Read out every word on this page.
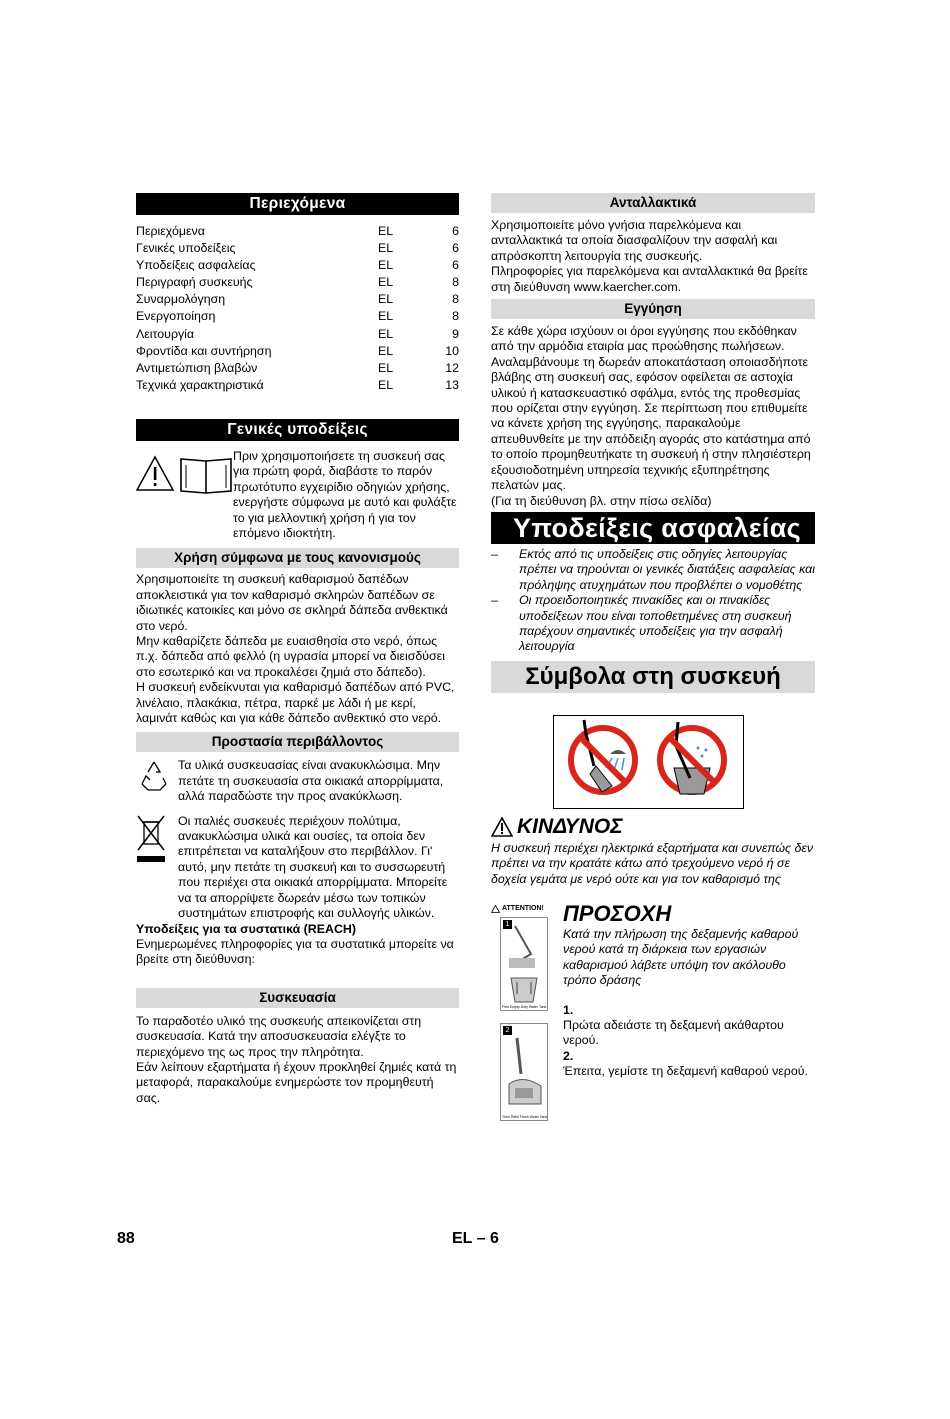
Περιεχόμενα
Περιεχόμενα	EL	6
Γενικές υποδείξεις	EL	6
Υποδείξεις ασφαλείας	EL	6
Περιγραφή συσκευής	EL	8
Συναρμολόγηση	EL	8
Ενεργοποίηση	EL	8
Λειτουργία	EL	9
Φροντίδα και συντήρηση	EL	10
Αντιμετώπιση βλαβών	EL	12
Τεχνικά χαρακτηριστικά	EL	13
Γενικές υποδείξεις

Πριν χρησιμοποιήσετε τη συσκευή σας για πρώτη φορά, διαβάστε το παρόν πρωτότυπο εγχειρίδιο οδηγιών χρήσης, ενεργήστε σύμφωνα με αυτό και φυλάξτε το για μελλοντική χρήση ή για τον επόμενο ιδιοκτήτη.

Χρήση σύμφωνα με τους κανονισμούς

Χρησιμοποιείτε τη συσκευή καθαρισμού δαπέδων αποκλειστικά για τον καθαρισμό σκληρών δαπέδων σε ιδιωτικές κατοικίες και μόνο σε σκληρά δάπεδα ανθεκτικά στο νερό.

Μην καθαρίζετε δάπεδα με ευαισθησία στο νερό, όπως π.χ. δάπεδα από φελλό (η υγρασία μπορεί να διεισδύσει στο εσωτερικό και να προκαλέσει ζημιά στο δάπεδο).

Η συσκευή ενδείκνυται για καθαρισμό δαπέδων από PVC, λινέλαιο, πλακάκια, πέτρα, παρκέ με λάδι ή με κερί, λαμινάτ καθώς και για κάθε δάπεδο ανθεκτικό στο νερό.

Προστασία περιβάλλοντος

Τα υλικά συσκευασίας είναι ανακυκλώσιμα. Μην πετάτε τη συσκευασία στα οικιακά απορρίμματα, αλλά παραδώστε την προς ανακύκλωση.

Οι παλιές συσκευές περιέχουν πολύτιμα, ανακυκλώσιμα υλικά και ουσίες, τα οποία δεν επιτρέπεται να καταλήξουν στο περιβάλλον. Γι' αυτό, μην πετάτε τη συσκευή και το συσσωρευτή που περιέχει στα οικιακά απορρίμματα. Μπορείτε να τα απορρίψετε δωρεάν μέσω των τοπικών συστημάτων επιστροφής και συλλογής υλικών.

Υποδείξεις για τα συστατικά (REACH)

Ενημερωμένες πληροφορίες για τα συστατικά μπορείτε να βρείτε στη διεύθυνση:

Συσκευασία

Το παραδοτέο υλικό της συσκευής απεικονίζεται στη συσκευασία. Κατά την αποσυσκευασία ελέγξτε το περιεχόμενο της ως προς την πληρότητα.

Εάν λείπουν εξαρτήματα ή έχουν προκληθεί ζημιές κατά τη μεταφορά, παρακαλούμε ενημερώστε τον προμηθευτή σας.

Ανταλλακτικά

Χρησιμοποιείτε μόνο γνήσια παρελκόμενα και ανταλλακτικά τα οποία διασφαλίζουν την ασφαλή και απρόσκοπτη λειτουργία της συσκευής.

Πληροφορίες για παρελκόμενα και ανταλλακτικά θα βρείτε στη διεύθυνση www.kaercher.com.

Εγγύηση

Σε κάθε χώρα ισχύουν οι όροι εγγύησης που εκδόθηκαν από την αρμόδια εταιρία μας προώθησης πωλήσεων. Αναλαμβάνουμε τη δωρεάν αποκατάσταση οποιασδήποτε βλάβης στη συσκευή σας, εφόσον οφείλεται σε αστοχία υλικού ή κατασκευαστικό σφάλμα, εντός της προθεσμίας που ορίζεται στην εγγύηση. Σε περίπτωση που επιθυμείτε να κάνετε χρήση της εγγύησης, παρακαλούμε απευθυνθείτε με την απόδειξη αγοράς στο κατάστημα από το οποίο προμηθευτήκατε τη συσκευή ή στην πλησιέστερη εξουσιοδοτημένη υπηρεσία τεχνικής εξυπηρέτησης πελατών μας.

(Για τη διεύθυνση βλ. στην πίσω σελίδα)

Υποδείξεις ασφαλείας
–	Εκτός από τις υποδείξεις στις οδηγίες λειτουργίας πρέπει να τηρούνται οι γενικές διατάξεις ασφαλείας και πρόληψης ατυχημάτων που προβλέπει ο νομοθέτης
–	Οι προειδοποιητικές πινακίδες και οι πινακίδες υποδείξεων που είναι τοποθετημένες στη συσκευή παρέχουν σημαντικές υποδείξεις για την ασφαλή λειτουργία
Σύμβολα στη συσκευή
ΚΙΝΔΥΝΟΣ

Η συσκευή περιέχει ηλεκτρικά εξαρτήματα και συνεπώς δεν πρέπει να την κρατάτε κάτω από τρεχούμενο νερό ή σε δοχεία γεμάτα με νερό ούτε και για τον καθαρισμό της

ATTENTION!
1
First Empty Dirty Water Tank
2
Then Refill Fresh Water Tank
ΠΡΟΣΟΧΗ

Κατά την πλήρωση της δεξαμενής καθαρού νερού κατά τη διάρκεια των εργασιών καθαρισμού λάβετε υπόψη τον ακόλουθο τρόπο δράσης

1.

Πρώτα αδειάστε τη δεξαμενή ακάθαρτου νερού.

2.

Έπειτα, γεμίστε τη δεξαμενή καθαρού νερού.

88	EL – 6
